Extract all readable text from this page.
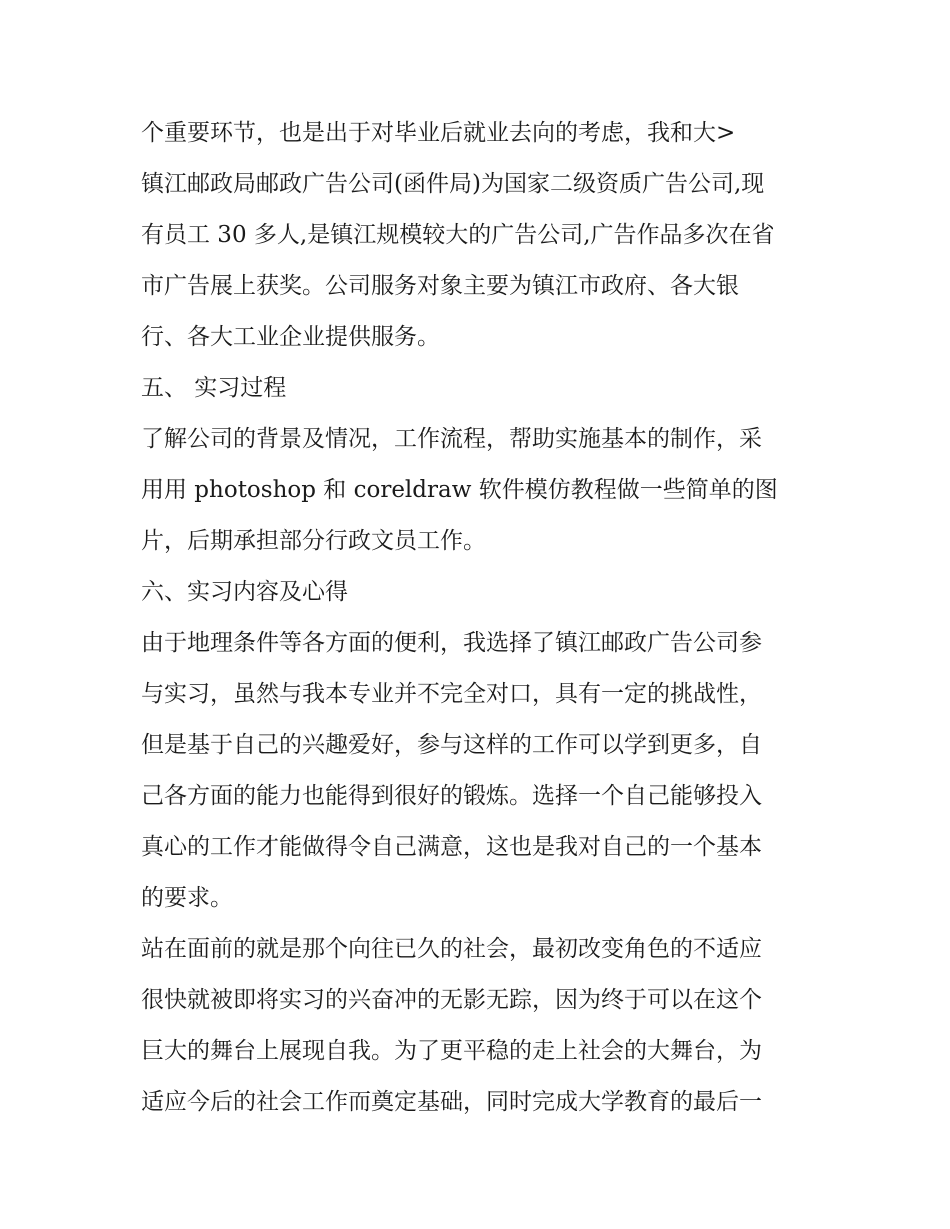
个重要环节，也是出于对毕业后就业去向的考虑，我和大>
镇江邮政局邮政广告公司(函件局)为国家二级资质广告公司,现
有员工 30 多人,是镇江规模较大的广告公司,广告作品多次在省
市广告展上获奖。公司服务对象主要为镇江市政府、各大银
行、各大工业企业提供服务。
五、 实习过程
了解公司的背景及情况，工作流程，帮助实施基本的制作，采
用用 photoshop 和 coreldraw 软件模仿教程做一些简单的图
片，后期承担部分行政文员工作。
六、实习内容及心得
由于地理条件等各方面的便利，我选择了镇江邮政广告公司参
与实习，虽然与我本专业并不完全对口，具有一定的挑战性，
但是基于自己的兴趣爱好，参与这样的工作可以学到更多，自
己各方面的能力也能得到很好的锻炼。选择一个自己能够投入
真心的工作才能做得令自己满意，这也是我对自己的一个基本
的要求。
站在面前的就是那个向往已久的社会，最初改变角色的不适应
很快就被即将实习的兴奋冲的无影无踪，因为终于可以在这个
巨大的舞台上展现自我。为了更平稳的走上社会的大舞台，为
适应今后的社会工作而奠定基础，同时完成大学教育的最后一
